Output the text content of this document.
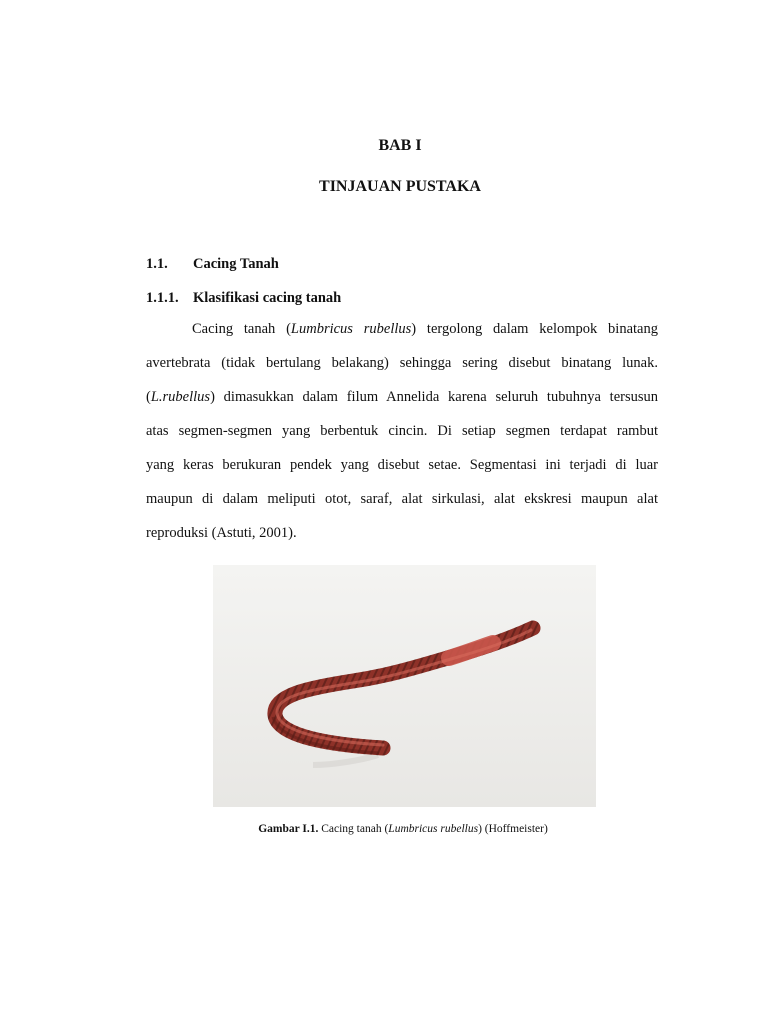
BAB I
TINJAUAN PUSTAKA
1.1. Cacing Tanah
1.1.1. Klasifikasi cacing tanah
Cacing tanah (Lumbricus rubellus) tergolong dalam kelompok binatang
avertebrata (tidak bertulang belakang) sehingga sering disebut binatang lunak.
(L.rubellus) dimasukkan dalam filum Annelida karena seluruh tubuhnya tersusun
atas segmen-segmen yang berbentuk cincin. Di setiap segmen terdapat rambut
yang keras berukuran pendek yang disebut setae. Segmentasi ini terjadi di luar
maupun di dalam meliputi otot, saraf, alat sirkulasi, alat ekskresi maupun alat
reproduksi (Astuti, 2001).
Gambar I.1. Cacing tanah (Lumbricus rubellus) (Hoffmeister)
